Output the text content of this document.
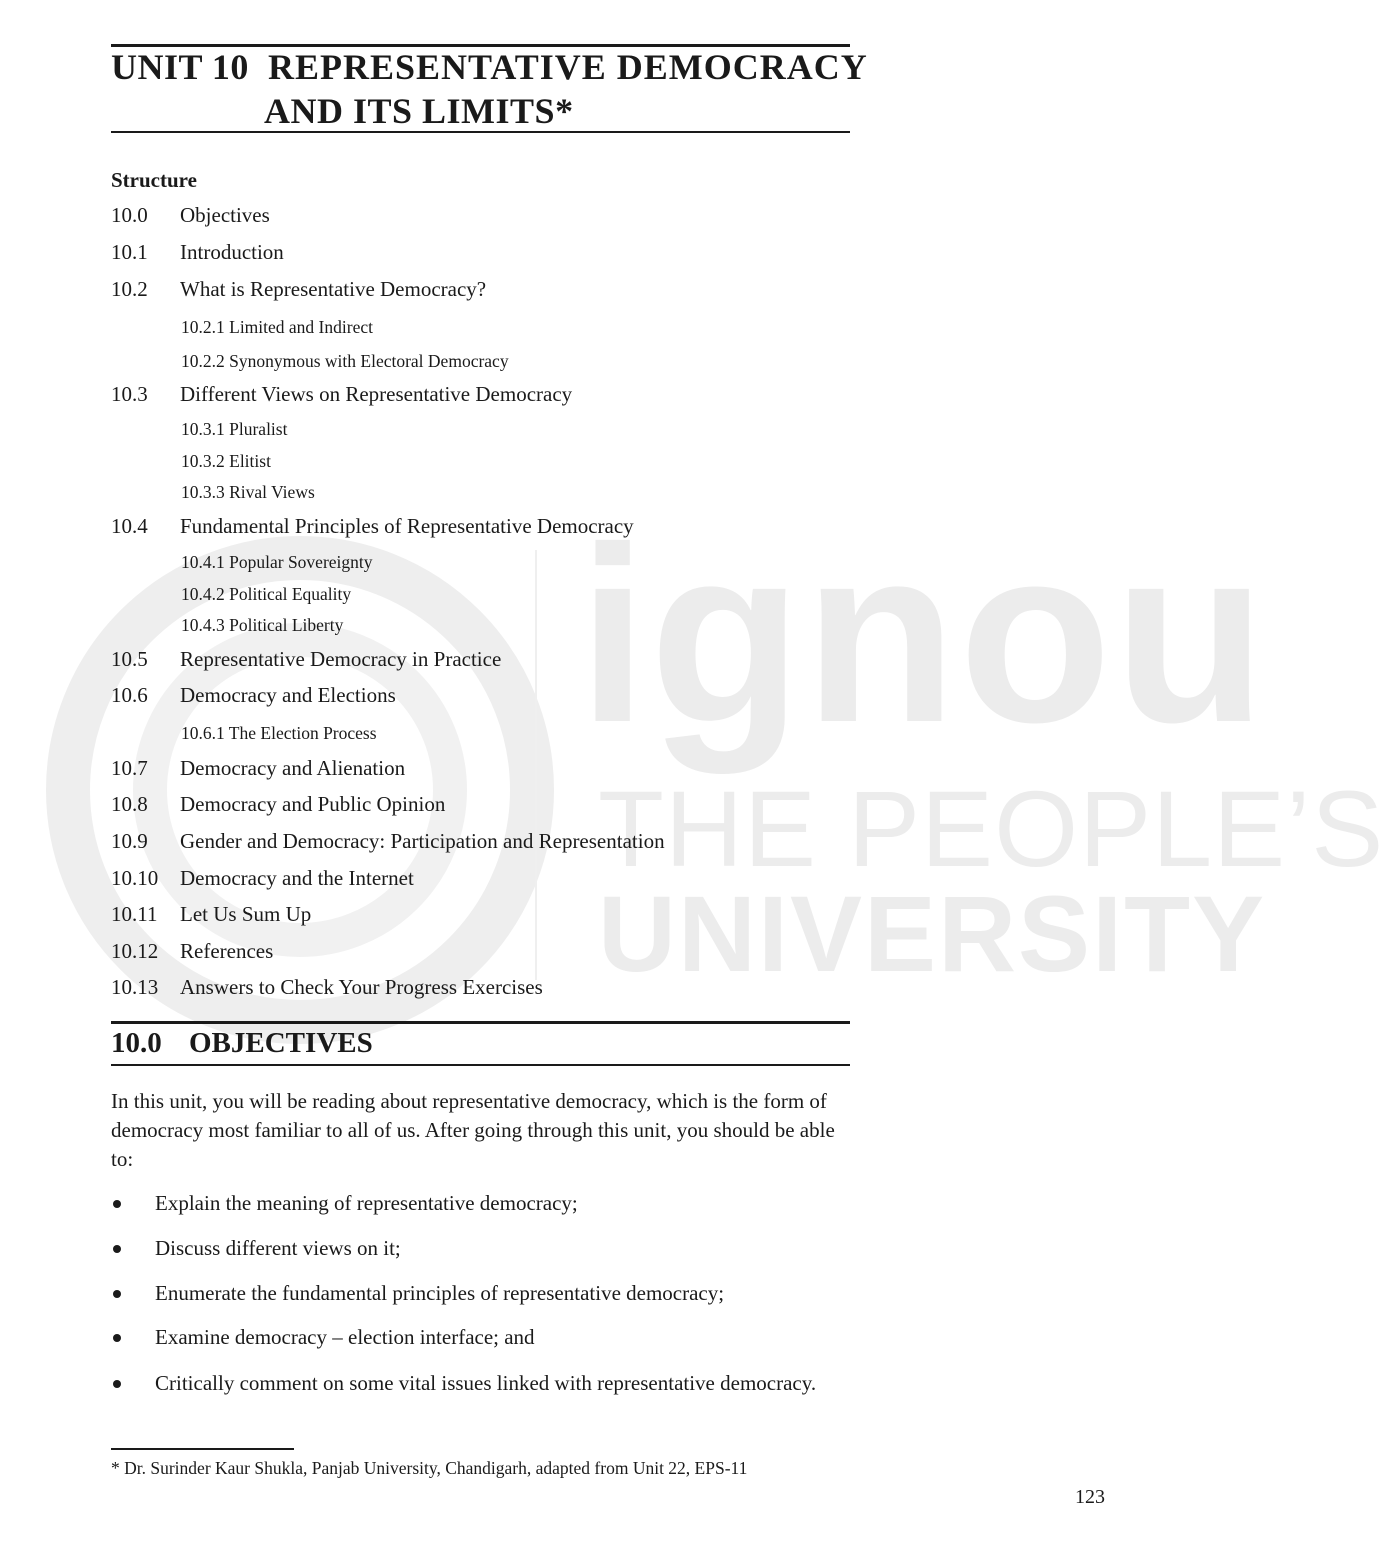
ignou
THE PEOPLE’S
UNIVERSITY
UNIT 10 REPRESENTATIVE DEMOCRACY
AND ITS LIMITS*
Structure
10.0 Objectives
10.1 Introduction
10.2 What is Representative Democracy?
10.2.1 Limited and Indirect
10.2.2 Synonymous with Electoral Democracy
10.3 Different Views on Representative Democracy
10.3.1 Pluralist
10.3.2 Elitist
10.3.3 Rival Views
10.4 Fundamental Principles of Representative Democracy
10.4.1 Popular Sovereignty
10.4.2 Political Equality
10.4.3 Political Liberty
10.5 Representative Democracy in Practice
10.6 Democracy and Elections
10.6.1 The Election Process
10.7 Democracy and Alienation
10.8 Democracy and Public Opinion
10.9 Gender and Democracy: Participation and Representation
10.10 Democracy and the Internet
10.11 Let Us Sum Up
10.12 References
10.13 Answers to Check Your Progress Exercises
10.0 OBJECTIVES
In this unit, you will be reading about representative democracy, which is the form of democracy most familiar to all of us. After going through this unit, you should be able to:
Explain the meaning of representative democracy;
Discuss different views on it;
Enumerate the fundamental principles of representative democracy;
Examine democracy – election interface; and
Critically comment on some vital issues linked with representative democracy.
* Dr. Surinder Kaur Shukla, Panjab University, Chandigarh, adapted from Unit 22, EPS-11
123
